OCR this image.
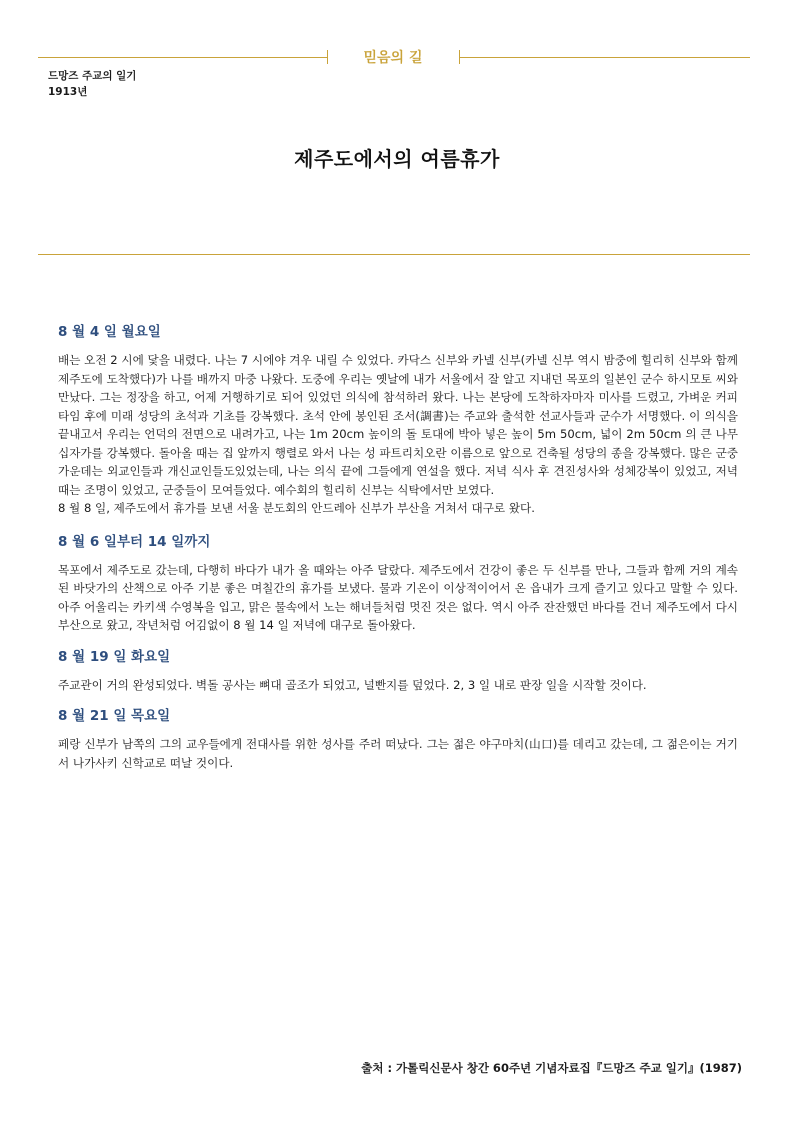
믿음의 길
드망즈 주교의 일기
1913년
제주도에서의 여름휴가
8 월 4 일 월요일

배는 오전 2 시에 닻을 내렸다. 나는 7 시에야 겨우 내릴 수 있었다. 카닥스 신부와 카넬 신부(카넬 신부 역시 밤중에 힐리히 신부와 함께 제주도에 도착했다)가 나를 배까지 마중 나왔다. 도중에 우리는 옛날에 내가 서울에서 잘 알고 지내던 목포의 일본인 군수 하시모토 씨와 만났다. 그는 정장을 하고, 어제 거행하기로 되어 있었던 의식에 참석하러 왔다. 나는 본당에 도착하자마자 미사를 드렸고, 가벼운 커피 타임 후에 미래 성당의 초석과 기초를 강복했다. 초석 안에 봉인된 조서(調書)는 주교와 출석한 선교사들과 군수가 서명했다. 이 의식을 끝내고서 우리는 언덕의 전면으로 내려가고, 나는 1m 20cm 높이의 돌 토대에 박아 넣은 높이 5m 50cm, 넓이 2m 50cm 의 큰 나무 십자가를 강복했다. 돌아올 때는 집 앞까지 행렬로 와서 나는 성 파트리치오란 이름으로 앞으로 건축될 성당의 종을 강복했다. 많은 군중 가운데는 외교인들과 개신교인들도있었는데, 나는 의식 끝에 그들에게 연설을 했다. 저녁 식사 후 견진성사와 성체강복이 있었고, 저녁때는 조명이 있었고, 군중들이 모여들었다. 예수회의 힐리히 신부는 식탁에서만 보였다.
8 월 8 일, 제주도에서 휴가를 보낸 서울 분도회의 안드레아 신부가 부산을 거쳐서 대구로 왔다.

8 월 6 일부터 14 일까지

목포에서 제주도로 갔는데, 다행히 바다가 내가 올 때와는 아주 달랐다. 제주도에서 건강이 좋은 두 신부를 만나, 그들과 함께 거의 계속된 바닷가의 산책으로 아주 기분 좋은 며칠간의 휴가를 보냈다. 물과 기온이 이상적이어서 온 읍내가 크게 즐기고 있다고 말할 수 있다. 아주 어울리는 카키색 수영복을 입고, 맑은 물속에서 노는 해녀들처럼 멋진 것은 없다. 역시 아주 잔잔했던 바다를 건너 제주도에서 다시 부산으로 왔고, 작년처럼 어김없이 8 월 14 일 저녁에 대구로 돌아왔다.

8 월 19 일 화요일

주교관이 거의 완성되었다. 벽돌 공사는 뼈대 골조가 되었고, 널빤지를 덮었다. 2, 3 일 내로 판장 일을 시작할 것이다.

8 월 21 일 목요일

페랑 신부가 남쪽의 그의 교우들에게 전대사를 위한 성사를 주러 떠났다. 그는 젊은 야구마치(山口)를 데리고 갔는데, 그 젊은이는 거기서 나가사키 신학교로 떠날 것이다.

출처 : 가톨릭신문사 창간 60주년 기념자료집『드망즈 주교 일기』(1987)
